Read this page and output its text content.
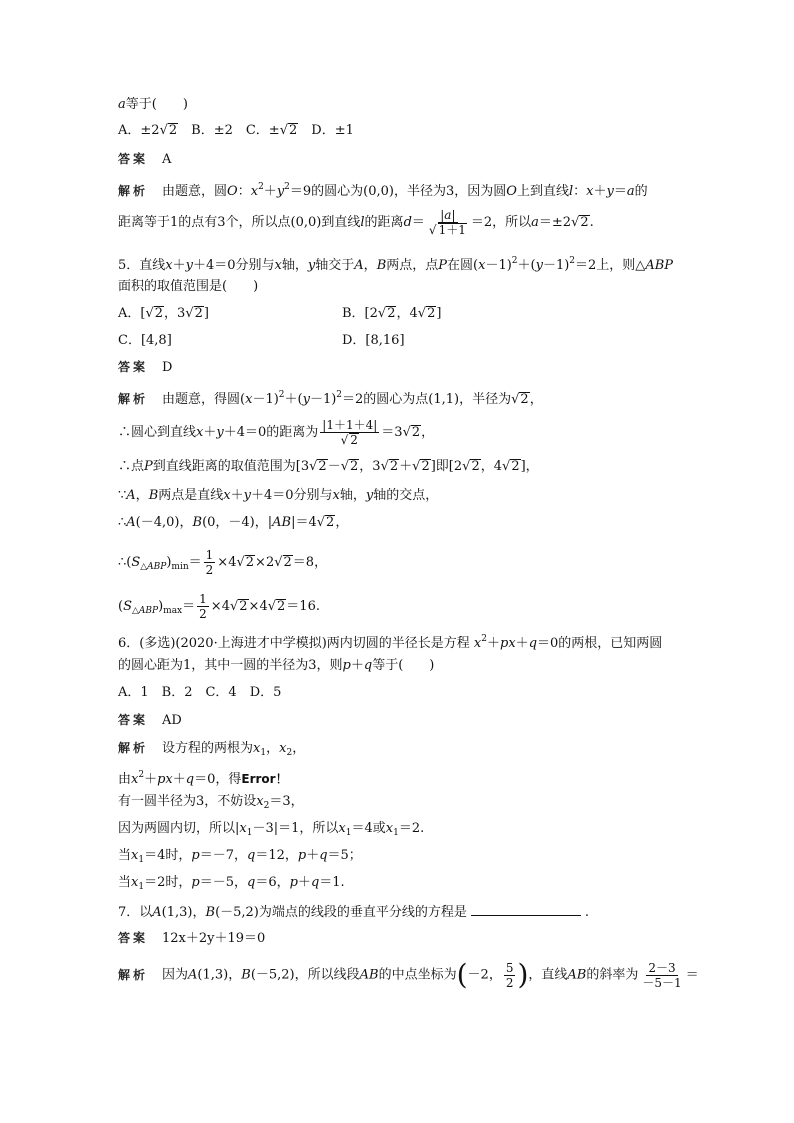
a等于(　　)
A．±2√2　B．±2　C．±√2　D．±1
答案 A
解析 由题意，圆O：$x^2+y^2=9$的圆心为(0,0)，半径为3，因为圆O上到直线l：x＋y＝a的
距离等于1的点有3个，所以点(0,0)到直线l的距离$d= \frac{|a|}{√ 1+1} =2$，所以a＝±2√2.
5．直线x＋y＋4＝0分别与x轴，y轴交于A，B两点，点P在圆$(x-1)^2+(y-1)^2=2$上，则△ABP
面积的取值范围是(　　)
A．[√2，3√2]	B．[2√2，4√2]
C．[4,8]	D．[8,16]
答案 D
解析 由题意，得圆$(x-1)^2+(y-1)^2=2$的圆心为点(1,1)，半径为√2，
∴圆心到直线x＋y＋4＝0的距离为 $\frac{|1+1+4|}{√ 2} =3√2$，
∴点P到直线距离的取值范围为[3√2－√2，3√2＋√2]即[2√2，4√2]，
∵A，B两点是直线x＋y＋4＝0分别与x轴，y轴的交点，
∴A(－4,0)，B(0，－4)，|AB|＝4√2，
$\therefore(S_{\triangle ABP})_{min}= \frac{1}{2} \times 4√2\times 2√2=8$，
$(S_{\triangle ABP})_{max}= \frac{1}{2} \times 4√2\times 4√2=16$.
6．(多选)(2020·上海进才中学模拟)两内切圆的半径长是方程 $x^2+px+q=0$的两根，已知两圆
的圆心距为1，其中一圆的半径为3，则p＋q等于(　　)
A．1　B．2　C．4　D．5
答案 AD
解析 设方程的两根为$x_1$，$x_2$，
由$x^2+px+q=0$，得Error！
有一圆半径为3，不妨设$x_2=3$，
因为两圆内切，所以$|x_1-3|=1$，所以$x_1=4$或$x_1=2$.
当$x_1=4$时，p＝－7，q＝12，p＋q＝5；
当$x_1=2$时，p＝－5，q＝6，p＋q＝1.
7．以A(1,3)，B(－5,2)为端点的线段的垂直平分线的方程是	.
答案 12x＋2y＋19＝0
解析 因为A(1,3)，B(－5,2)，所以线段AB的中点坐标为(－2， $\frac{5}{2}$ )，直线AB的斜率为 $\frac{2-3}{-5-1}$ ＝
